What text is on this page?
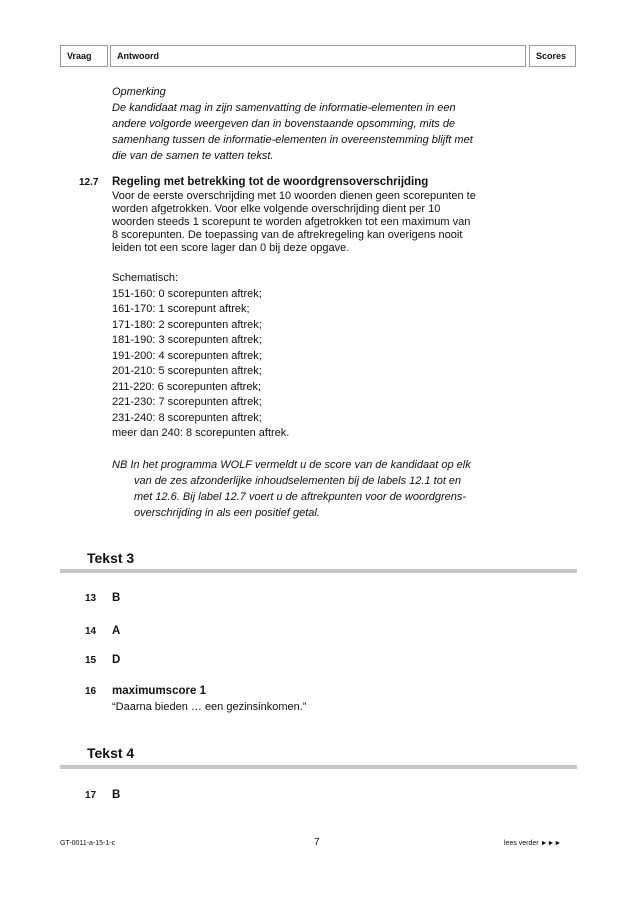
Vraag	Antwoord	Scores
Opmerking
De kandidaat mag in zijn samenvatting de informatie-elementen in een
andere volgorde weergeven dan in bovenstaande opsomming, mits de
samenhang tussen de informatie-elementen in overeenstemming blijft met
die van de samen te vatten tekst.
12.7 Regeling met betrekking tot de woordgrensoverschrijding
Voor de eerste overschrijding met 10 woorden dienen geen scorepunten te
worden afgetrokken. Voor elke volgende overschrijding dient per 10
woorden steeds 1 scorepunt te worden afgetrokken tot een maximum van
8 scorepunten. De toepassing van de aftrekregeling kan overigens nooit
leiden tot een score lager dan 0 bij deze opgave.
Schematisch:
151-160: 0 scorepunten aftrek;
161-170: 1 scorepunt aftrek;
171-180: 2 scorepunten aftrek;
181-190: 3 scorepunten aftrek;
191-200: 4 scorepunten aftrek;
201-210: 5 scorepunten aftrek;
211-220: 6 scorepunten aftrek;
221-230: 7 scorepunten aftrek;
231-240: 8 scorepunten aftrek;
meer dan 240: 8 scorepunten aftrek.
NB In het programma WOLF vermeldt u de score van de kandidaat op elk
van de zes afzonderlijke inhoudselementen bij de labels 12.1 tot en
met 12.6. Bij label 12.7 voert u de aftrekpunten voor de woordgrens-
overschrijding in als een positief getal.
Tekst 3
13 B
14 A
15 D
16 maximumscore 1
“Daarna bieden … een gezinsinkomen.”
Tekst 4
17 B
GT-0011-a-15-1-c	7	lees verder ►►►
